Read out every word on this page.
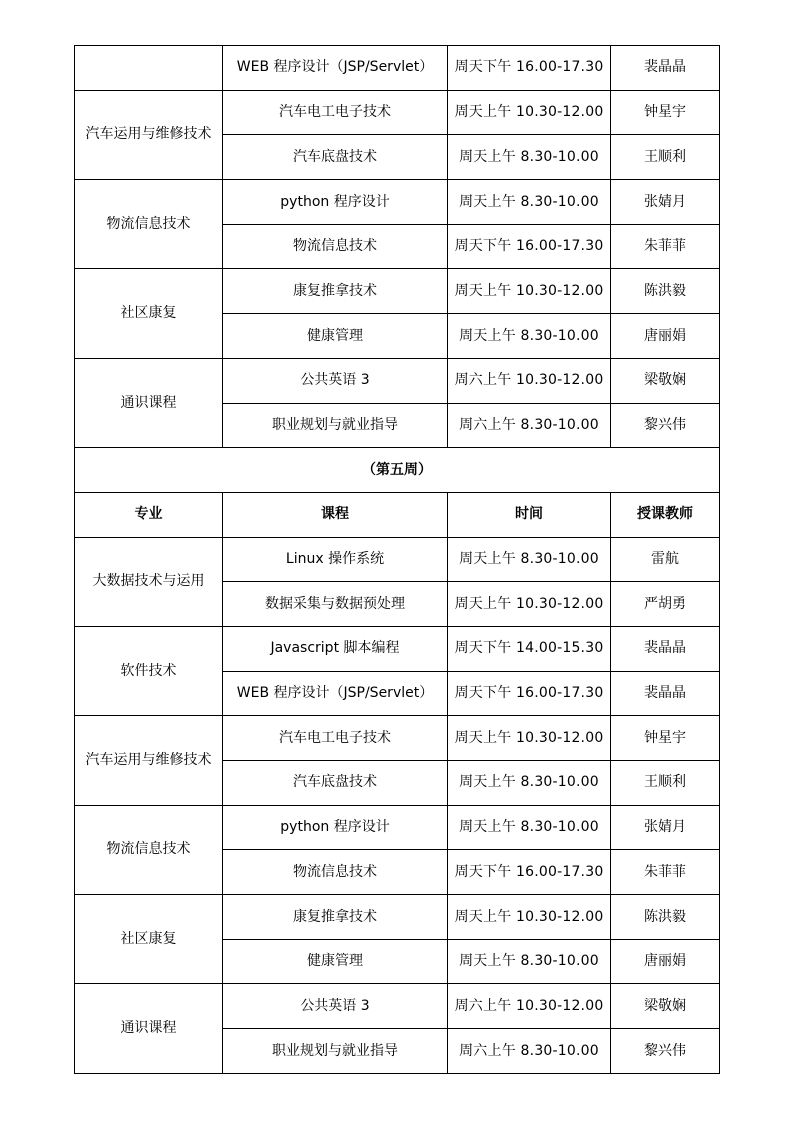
	WEB 程序设计（JSP/Servlet）	周天下午 16.00-17.30	裴晶晶
汽车运用与维修技术	汽车电工电子技术	周天上午 10.30-12.00	钟星宇
	汽车底盘技术	周天上午 8.30-10.00	王顺利
物流信息技术	python 程序设计	周天上午 8.30-10.00	张婧月
	物流信息技术	周天下午 16.00-17.30	朱菲菲
社区康复	康复推拿技术	周天上午 10.30-12.00	陈洪毅
	健康管理	周天上午 8.30-10.00	唐丽娟
通识课程	公共英语 3	周六上午 10.30-12.00	梁敬娴
	职业规划与就业指导	周六上午 8.30-10.00	黎兴伟
（第五周）			
专业	课程	时间	授课教师
大数据技术与运用	Linux 操作系统	周天上午 8.30-10.00	雷航
	数据采集与数据预处理	周天上午 10.30-12.00	严胡勇
软件技术	Javascript 脚本编程	周天下午 14.00-15.30	裴晶晶
	WEB 程序设计（JSP/Servlet）	周天下午 16.00-17.30	裴晶晶
汽车运用与维修技术	汽车电工电子技术	周天上午 10.30-12.00	钟星宇
	汽车底盘技术	周天上午 8.30-10.00	王顺利
物流信息技术	python 程序设计	周天上午 8.30-10.00	张婧月
	物流信息技术	周天下午 16.00-17.30	朱菲菲
社区康复	康复推拿技术	周天上午 10.30-12.00	陈洪毅
	健康管理	周天上午 8.30-10.00	唐丽娟
通识课程	公共英语 3	周六上午 10.30-12.00	梁敬娴
	职业规划与就业指导	周六上午 8.30-10.00	黎兴伟
